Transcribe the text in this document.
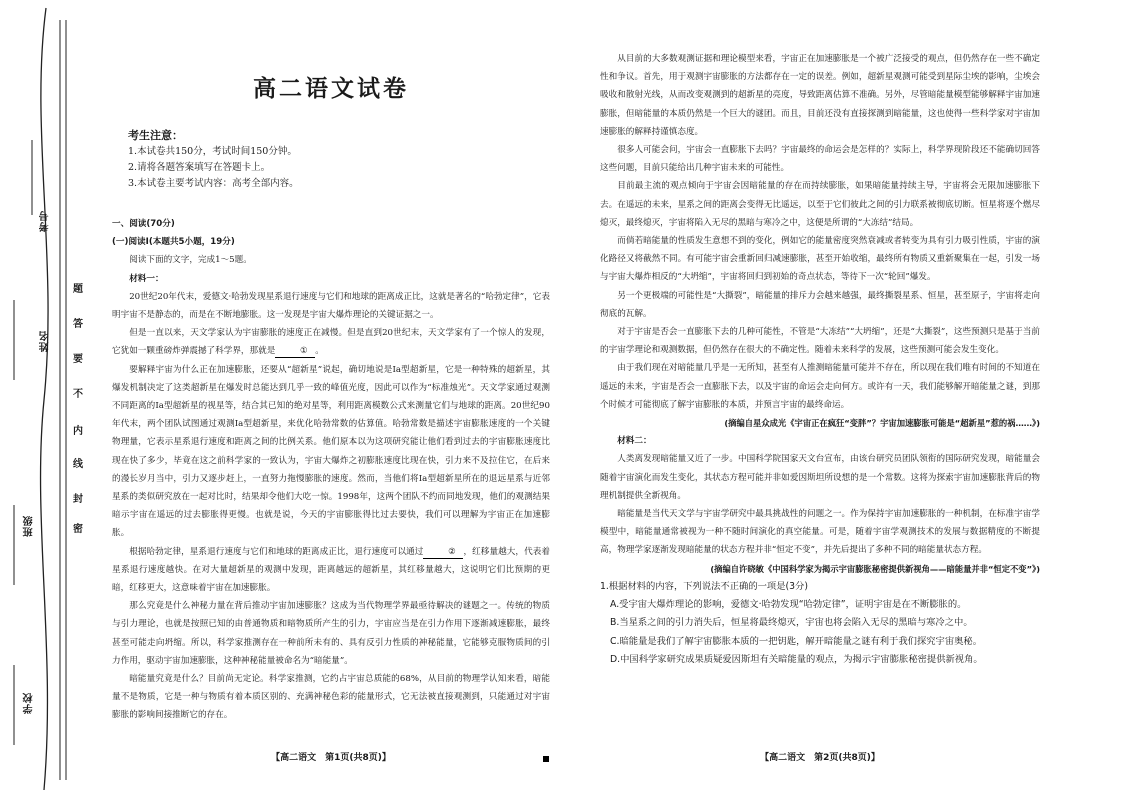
学校
班级
姓名
考号
密
封
线
内
不
要
答
题
高二语文试卷
考生注意：
1.本试卷共150分，考试时间150分钟。
2.请将各题答案填写在答题卡上。
3.本试卷主要考试内容：高考全部内容。

一、阅读(70分)

(一)阅读Ⅰ(本题共5小题，19分)

阅读下面的文字，完成1～5题。

材料一：

20世纪20年代末，爱德文·哈勃发现星系退行速度与它们和地球的距离成正比，这就是著名的“哈勃定律”，它表明宇宙不是静态的，而是在不断地膨胀。这一发现是宇宙大爆炸理论的关键证据之一。

但是一直以来，天文学家认为宇宙膨胀的速度正在减慢。但是直到20世纪末，天文学家有了一个惊人的发现，它犹如一颗重磅炸弹震撼了科学界，那就是	① 。

要解释宇宙为什么正在加速膨胀，还要从“超新星”说起，确切地说是Ia型超新星，它是一种特殊的超新星，其爆发机制决定了这类超新星在爆发时总能达到几乎一致的峰值光度，因此可以作为“标准烛光”。天文学家通过观测不同距离的Ia型超新星的视星等，结合其已知的绝对星等，利用距离模数公式来测量它们与地球的距离。20世纪90年代末，两个团队试图通过观测Ia型超新星，来优化哈勃常数的估算值。哈勃常数是描述宇宙膨胀速度的一个关键物理量，它表示星系退行速度和距离之间的比例关系。他们原本以为这项研究能让他们看到过去的宇宙膨胀速度比现在快了多少，毕竟在这之前科学家的一致认为，宇宙大爆炸之初膨胀速度比现在快，引力来不及拉住它，在后来的漫长岁月当中，引力又逐步赶上，一直努力拖慢膨胀的速度。然而，当他们将Ia型超新星所在的退远星系与近邻星系的类似研究放在一起对比时，结果却令他们大吃一惊。1998年，这两个团队不约而同地发现，他们的观测结果暗示宇宙在遥远的过去膨胀得更慢。也就是说，今天的宇宙膨胀得比过去要快，我们可以理解为宇宙正在加速膨胀。

根据哈勃定律，星系退行速度与它们和地球的距离成正比，退行速度可以通过	② ，红移量越大，代表着星系退行速度越快。在对大量超新星的观测中发现，距离越远的超新星，其红移量越大，这说明它们比预期的更暗，红移更大，这意味着宇宙在加速膨胀。

那么究竟是什么神秘力量在背后推动宇宙加速膨胀？这成为当代物理学界最亟待解决的谜题之一。传统的物质与引力理论，也就是按照已知的由普通物质和暗物质所产生的引力，宇宙应当是在引力作用下逐渐减速膨胀，最终甚至可能走向坍缩。所以，科学家推测存在一种前所未有的、具有反引力性质的神秘能量，它能够克服物质间的引力作用，驱动宇宙加速膨胀，这种神秘能量被命名为“暗能量”。

暗能量究竟是什么？目前尚无定论。科学家推测，它约占宇宙总质能的68%，从目前的物理学认知来看，暗能量不是物质，它是一种与物质有着本质区别的、充满神秘色彩的能量形式，它无法被直接观测到，只能通过对宇宙膨胀的影响间接推断它的存在。

【高二语文　第1页(共8页)】

从目前的大多数观测证据和理论模型来看，宇宙正在加速膨胀是一个被广泛接受的观点，但仍然存在一些不确定性和争议。首先，用于观测宇宙膨胀的方法都存在一定的误差。例如，超新星观测可能受到星际尘埃的影响，尘埃会吸收和散射光线，从而改变观测到的超新星的亮度，导致距离估算不准确。另外，尽管暗能量模型能够解释宇宙加速膨胀，但暗能量的本质仍然是一个巨大的谜团。而且，目前还没有直接探测到暗能量，这也使得一些科学家对宇宙加速膨胀的解释持谨慎态度。

很多人可能会问，宇宙会一直膨胀下去吗？宇宙最终的命运会是怎样的？实际上，科学界现阶段还不能确切回答这些问题，目前只能给出几种宇宙未来的可能性。

目前最主流的观点倾向于宇宙会因暗能量的存在而持续膨胀，如果暗能量持续主导，宇宙将会无限加速膨胀下去。在遥远的未来，星系之间的距离会变得无比遥远，以至于它们彼此之间的引力联系被彻底切断。恒星将逐个燃尽熄灭，最终熄灭，宇宙将陷入无尽的黑暗与寒冷之中，这便是所谓的“大冻结”结局。

而倘若暗能量的性质发生意想不到的变化，例如它的能量密度突然衰减或者转变为具有引力吸引性质，宇宙的演化路径又将截然不同。有可能宇宙会重新回归减速膨胀，甚至开始收缩，最终所有物质又重新聚集在一起，引发一场与宇宙大爆炸相反的“大坍缩”，宇宙将回归到初始的奇点状态，等待下一次“轮回”爆发。

另一个更极端的可能性是“大撕裂”，暗能量的排斥力会越来越强，最终撕裂星系、恒星，甚至原子，宇宙将走向彻底的瓦解。

对于宇宙是否会一直膨胀下去的几种可能性，不管是“大冻结”“大坍缩”，还是“大撕裂”，这些预测只是基于当前的宇宙学理论和观测数据，但仍然存在很大的不确定性。随着未来科学的发展，这些预测可能会发生变化。

由于我们现在对暗能量几乎是一无所知，甚至有人推测暗能量可能并不存在，所以现在我们唯有时间的不知道在遥远的未来，宇宙是否会一直膨胀下去，以及宇宙的命运会走向何方。或许有一天，我们能够解开暗能量之谜，到那个时候才可能彻底了解宇宙膨胀的本质，并预言宇宙的最终命运。

(摘编自星众成光《宇宙正在疯狂“变胖”？宇宙加速膨胀可能是“超新星”惹的祸……》)

材料二：

人类离发现暗能量又近了一步。中国科学院国家天文台宣布，由该台研究员团队领衔的国际研究发现，暗能量会随着宇宙演化而发生变化，其状态方程可能并非如爱因斯坦所设想的是一个常数。这将为探索宇宙加速膨胀背后的物理机制提供全新视角。

暗能量是当代天文学与宇宙学研究中最具挑战性的问题之一。作为保持宇宙加速膨胀的一种机制，在标准宇宙学模型中，暗能量通常被视为一种不随时间演化的真空能量。可是，随着宇宙学观测技术的发展与数据精度的不断提高，物理学家逐渐发现暗能量的状态方程并非“恒定不变”，并先后提出了多种不同的暗能量状态方程。

(摘编自许晓敏《中国科学家为揭示宇宙膨胀秘密提供新视角——暗能量并非“恒定不变”》)

1.根据材料的内容，下列说法不正确的一项是(3分)

A.受宇宙大爆炸理论的影响，爱德文·哈勃发现“哈勃定律”，证明宇宙是在不断膨胀的。

B.当星系之间的引力消失后，恒星将最终熄灭，宇宙也将会陷入无尽的黑暗与寒冷之中。

C.暗能量是我们了解宇宙膨胀本质的一把钥匙，解开暗能量之谜有利于我们探究宇宙奥秘。

D.中国科学家研究成果质疑爱因斯坦有关暗能量的观点，为揭示宇宙膨胀秘密提供新视角。

【高二语文　第2页(共8页)】
